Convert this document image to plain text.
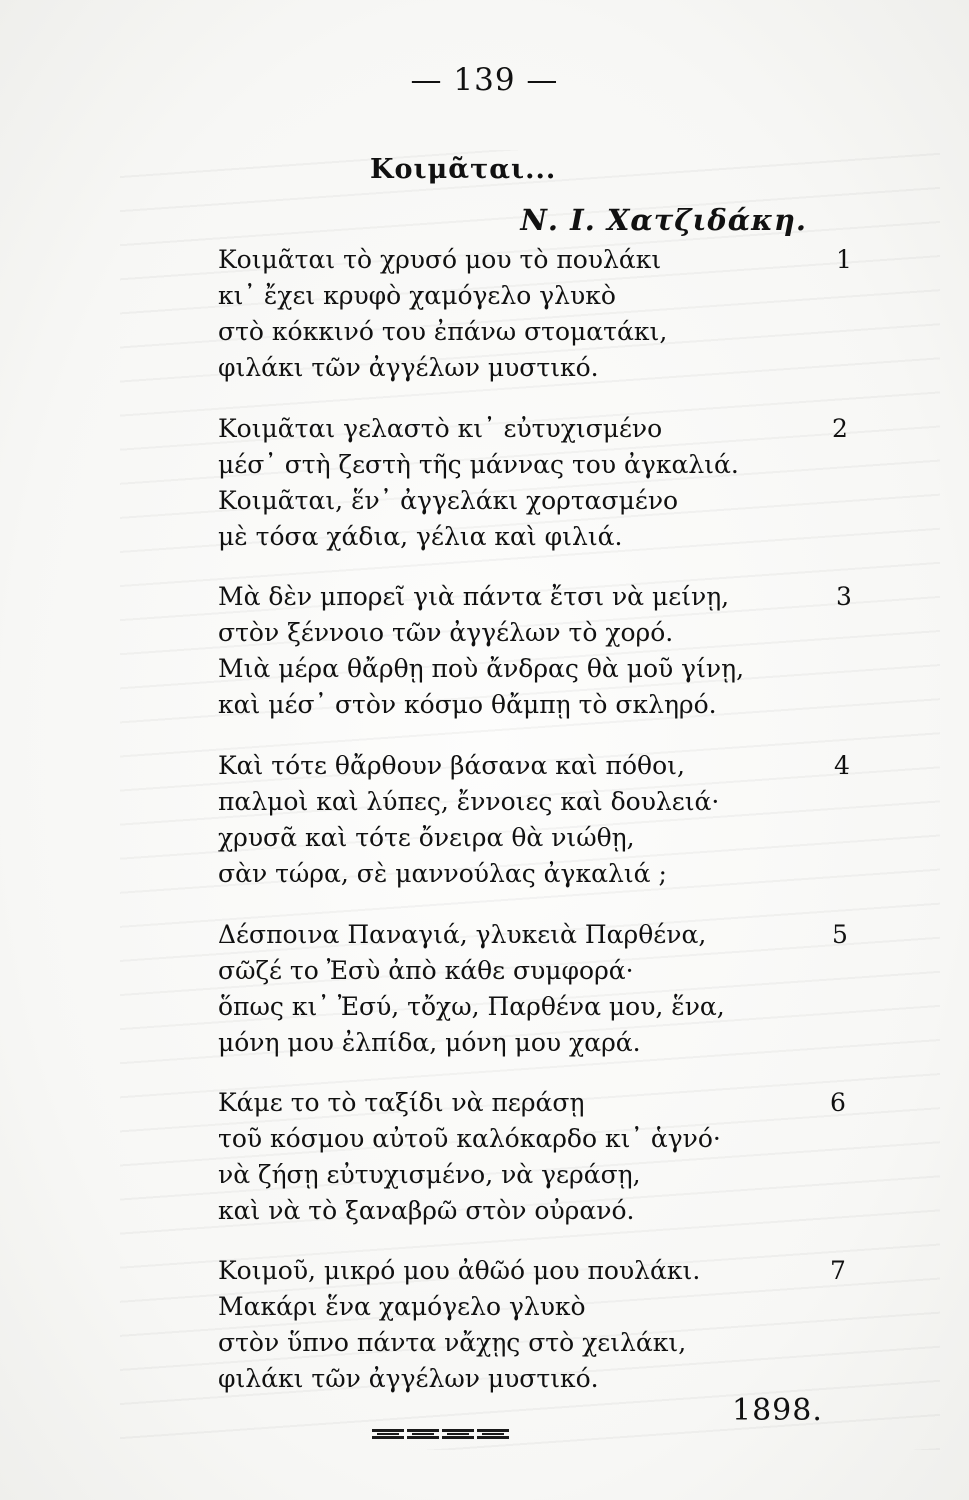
— 139 —
Κοιμᾶται...
Ν. Ι. Χατζιδάκη.
Κοιμᾶται τὸ χρυσό μου τὸ πουλάκι
κι᾽ ἔχει κρυφὸ χαμόγελο γλυκὸ
στὸ κόκκινό του ἐπάνω στοματάκι,
φιλάκι τῶν ἀγγέλων μυστικό.
1
Κοιμᾶται γελαστὸ κι᾽ εὐτυχισμένο
μέσ᾽ στὴ ζεστὴ τῆς μάννας του ἀγκαλιά.
Κοιμᾶται, ἕν᾽ ἀγγελάκι χορτασμένο
μὲ τόσα χάδια, γέλια καὶ φιλιά.
2
Μὰ δὲν μπορεῖ γιὰ πάντα ἔτσι νὰ μείνῃ,
στὸν ξέννοιο τῶν ἀγγέλων τὸ χορό.
Μιὰ μέρα θἄρθῃ ποὺ ἄνδρας θὰ μοῦ γίνῃ,
καὶ μέσ᾽ στὸν κόσμο θἄμπῃ τὸ σκληρό.
3
Καὶ τότε θἄρθουν βάσανα καὶ πόθοι,
παλμοὶ καὶ λύπες, ἔννοιες καὶ δουλειά·
χρυσᾶ καὶ τότε ὄνειρα θὰ νιώθῃ,
σὰν τώρα, σὲ μαννούλας ἀγκαλιά ;
4
Δέσποινα Παναγιά, γλυκειὰ Παρθένα,
σῶζέ το Ἐσὺ ἀπὸ κάθε συμφορά·
ὅπως κι᾽ Ἐσύ, τὄχω, Παρθένα μου, ἕνα,
μόνη μου ἐλπίδα, μόνη μου χαρά.
5
Κάμε το τὸ ταξίδι νὰ περάσῃ
τοῦ κόσμου αὐτοῦ καλόκαρδο κι᾽ ἁγνό·
νὰ ζήσῃ εὐτυχισμένο, νὰ γεράσῃ,
καὶ νὰ τὸ ξαναβρῶ στὸν οὐρανό.
6
Κοιμοῦ, μικρό μου ἀθῶό μου πουλάκι.
Μακάρι ἕνα χαμόγελο γλυκὸ
στὸν ὕπνο πάντα νἄχῃς στὸ χειλάκι,
φιλάκι τῶν ἀγγέλων μυστικό.
7
1898.
